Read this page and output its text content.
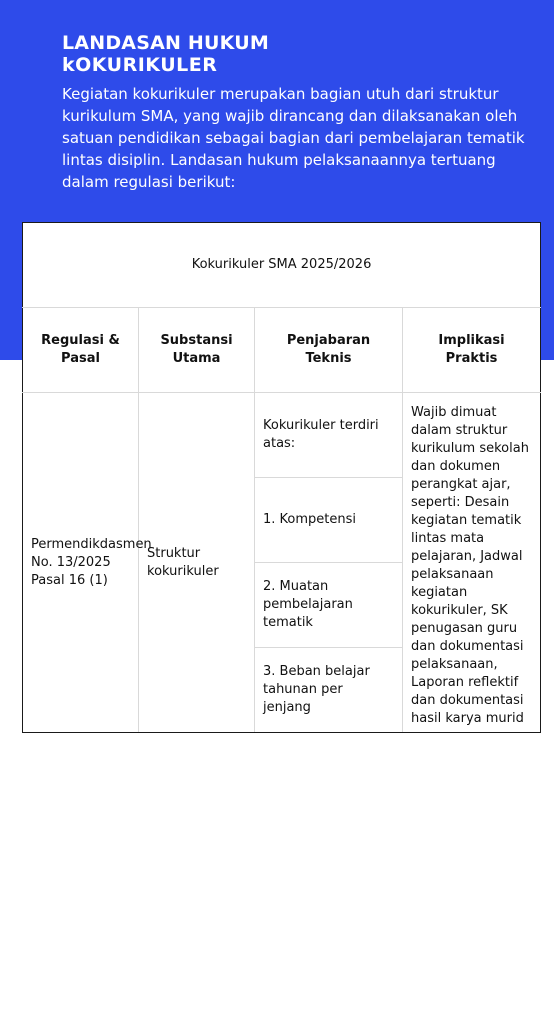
LANDASAN HUKUM
kOKURIKULER

Kegiatan kokurikuler merupakan bagian utuh dari struktur kurikulum SMA, yang wajib dirancang dan dilaksanakan oleh satuan pendidikan sebagai bagian dari pembelajaran tematik lintas disiplin. Landasan hukum pelaksanaannya tertuang dalam regulasi berikut:

Kokurikuler SMA 2025/2026			
Regulasi & Pasal	Substansi Utama	Penjabaran Teknis	Implikasi Praktis
Permendikdasmen No. 13/2025 Pasal 16 (1)	Struktur kokurikuler	Kokurikuler terdiri atas:	Wajib dimuat dalam struktur kurikulum sekolah dan dokumen perangkat ajar, seperti: Desain kegiatan tematik lintas mata pelajaran, Jadwal pelaksanaan kegiatan kokurikuler, SK penugasan guru dan dokumentasi pelaksanaan, Laporan reflektif dan dokumentasi hasil karya murid
		1. Kompetensi	
		2. Muatan pembelajaran tematik	
		3. Beban belajar tahunan per jenjang	
